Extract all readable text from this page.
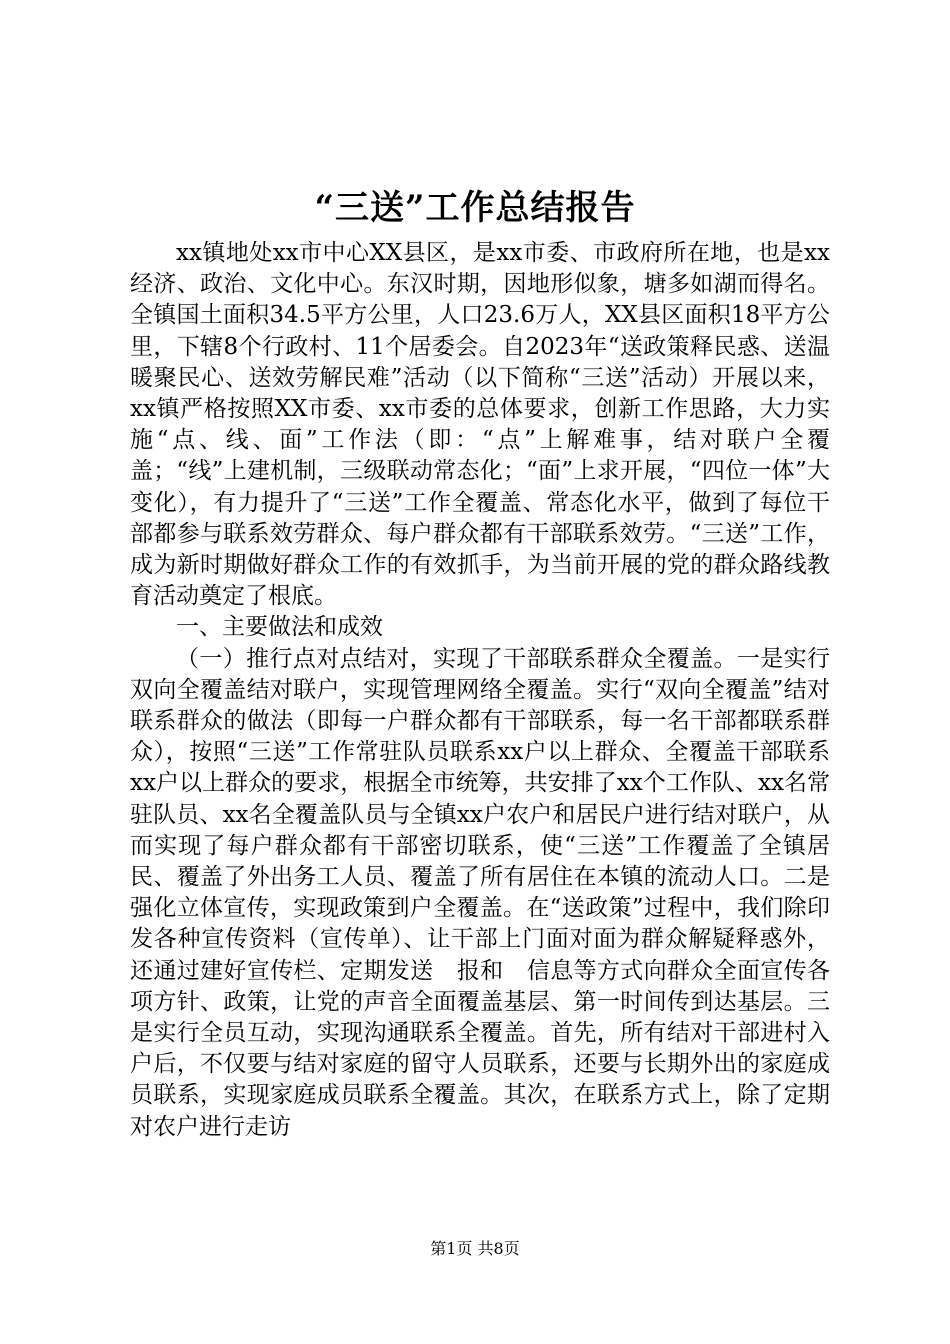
“三送”工作总结报告

xx镇地处xx市中心XX县区，是xx市委、市政府所在地，也是xx经济、政治、文化中心。东汉时期，因地形似象，塘多如湖而得名。全镇国土面积34.5平方公里，人口23.6万人，XX县区面积18平方公里，下辖8个行政村、11个居委会。自2023年“送政策释民惑、送温暖聚民心、送效劳解民难”活动（以下简称“三送”活动）开展以来，xx镇严格按照XX市委、xx市委的总体要求，创新工作思路，大力实施“点、线、面”工作法（即：“点”上解难事，结对联户全覆盖；“线”上建机制，三级联动常态化；“面”上求开展，“四位一体”大变化），有力提升了“三送”工作全覆盖、常态化水平，做到了每位干部都参与联系效劳群众、每户群众都有干部联系效劳。“三送”工作，成为新时期做好群众工作的有效抓手，为当前开展的党的群众路线教育活动奠定了根底。

一、主要做法和成效

（一）推行点对点结对，实现了干部联系群众全覆盖。一是实行双向全覆盖结对联户，实现管理网络全覆盖。实行“双向全覆盖”结对联系群众的做法（即每一户群众都有干部联系，每一名干部都联系群众），按照“三送”工作常驻队员联系xx户以上群众、全覆盖干部联系xx户以上群众的要求，根据全市统筹，共安排了xx个工作队、xx名常驻队员、xx名全覆盖队员与全镇xx户农户和居民户进行结对联户，从而实现了每户群众都有干部密切联系，使“三送”工作覆盖了全镇居民、覆盖了外出务工人员、覆盖了所有居住在本镇的流动人口。二是强化立体宣传，实现政策到户全覆盖。在“送政策”过程中，我们除印发各种宣传资料（宣传单）、让干部上门面对面为群众解疑释惑外，还通过建好宣传栏、定期发送　报和　信息等方式向群众全面宣传各项方针、政策，让党的声音全面覆盖基层、第一时间传到达基层。三是实行全员互动，实现沟通联系全覆盖。首先，所有结对干部进村入户后，不仅要与结对家庭的留守人员联系，还要与长期外出的家庭成员联系，实现家庭成员联系全覆盖。其次，在联系方式上，除了定期对农户进行走访

第1页 共8页
